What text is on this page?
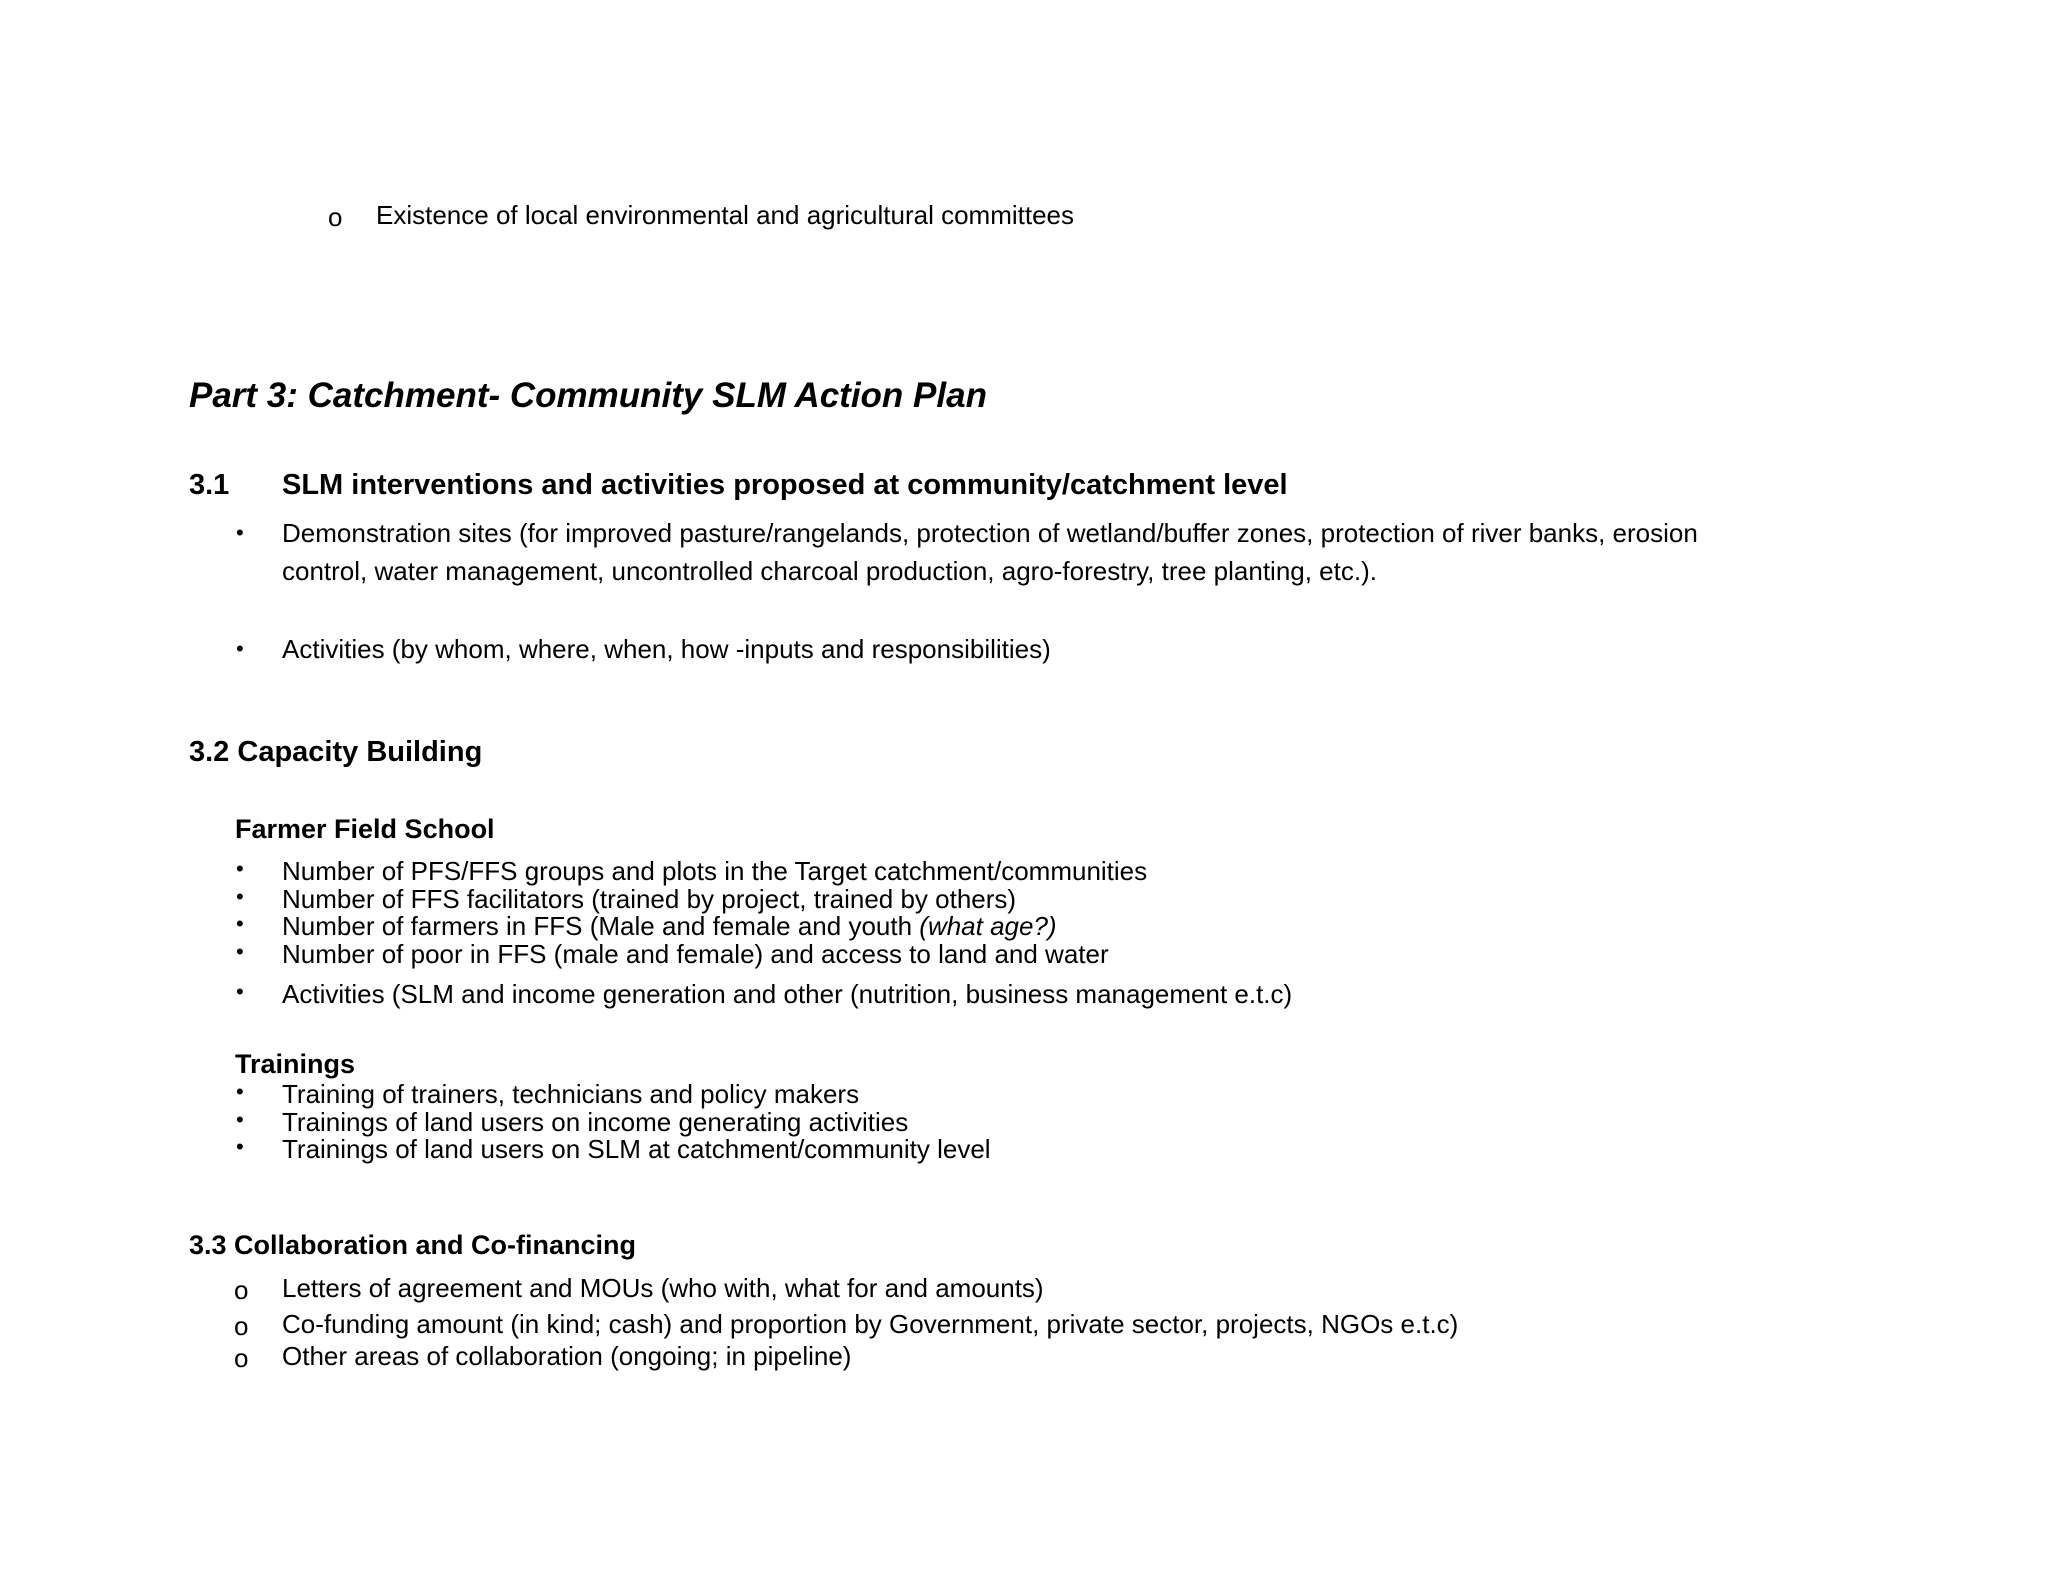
o Existence of local environmental and agricultural committees
Part 3: Catchment- Community SLM Action Plan
3.1 SLM interventions and activities proposed at community/catchment level
• Demonstration sites (for improved pasture/rangelands, protection of wetland/buffer zones, protection of river banks, erosion
control, water management, uncontrolled charcoal production, agro-forestry, tree planting, etc.).
• Activities (by whom, where, when, how -inputs and responsibilities)
3.2 Capacity Building
Farmer Field School
• Number of PFS/FFS groups and plots in the Target catchment/communities
• Number of FFS facilitators (trained by project, trained by others)
• Number of farmers in FFS (Male and female and youth (what age?)
• Number of poor in FFS (male and female) and access to land and water
• Activities (SLM and income generation and other (nutrition, business management e.t.c)
Trainings
• Training of trainers, technicians and policy makers
• Trainings of land users on income generating activities
• Trainings of land users on SLM at catchment/community level
3.3 Collaboration and Co-financing
o Letters of agreement and MOUs (who with, what for and amounts)
o Co-funding amount (in kind; cash) and proportion by Government, private sector, projects, NGOs e.t.c)
o Other areas of collaboration (ongoing; in pipeline)
